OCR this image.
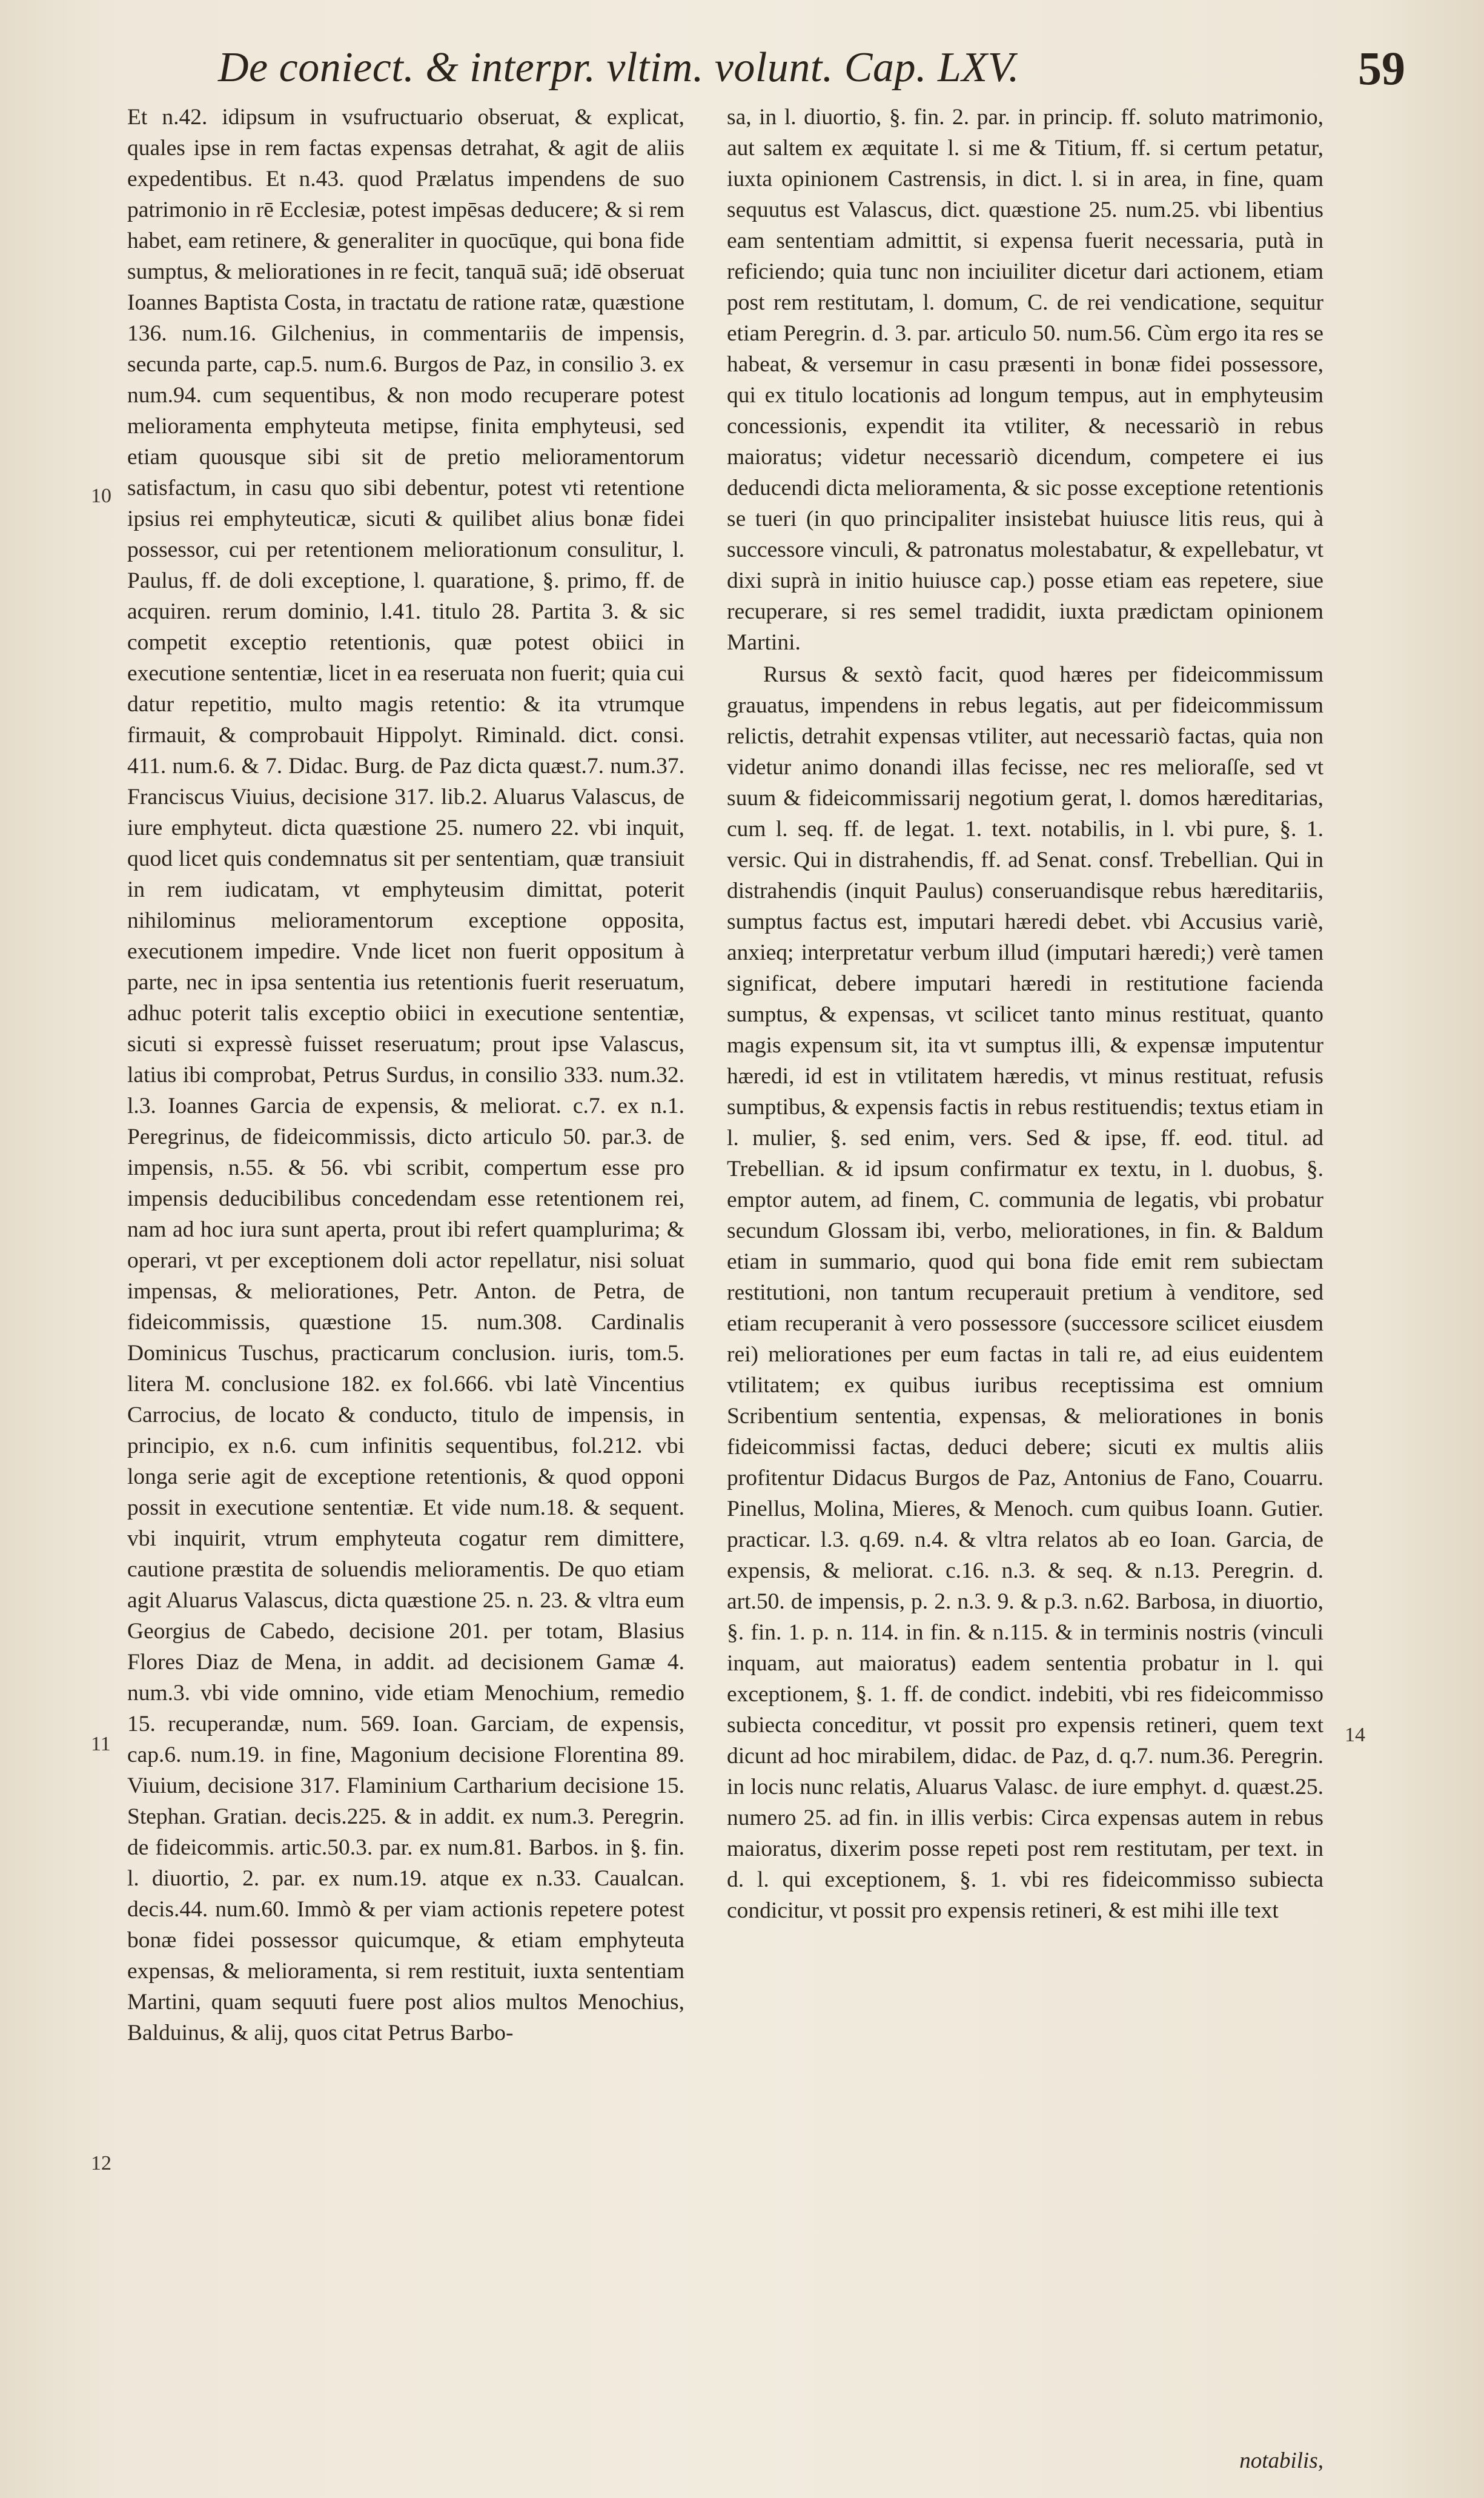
De coniect. & interpr. vltim. volunt. Cap. LXV.	59

Et n.42. idipsum in vsufructuario obseruat, & explicat, quales ipse in rem factas expensas detrahat, & agit de aliis expedentibus. Et n.43. quod Prælatus impendens de suo patrimonio in rē Ecclesiæ, potest impēsas deducere; & si rem habet, eam retinere, & generaliter in quocūque, qui bona fide sumptus, & meliorationes in re fecit, tanquā suā; idē obseruat Ioannes Baptista Costa, in tractatu de ratione ratæ, quæstione 136. num.16. Gilchenius, in commentariis de impensis, secunda parte, cap.5. num.6. Burgos de Paz, in consilio 3. ex num.94. cum sequentibus, & non modo recuperare potest melioramenta emphyteuta metipse, finita emphyteusi, sed etiam quousque sibi sit de pretio melioramentorum satisfactum, in casu quo sibi debentur, potest vti retentione ipsius rei emphyteuticæ, sicuti & quilibet alius bonæ fidei possessor, cui per retentionem meliorationum consulitur, l. Paulus, ff. de doli exceptione, l. quaratione, §. primo, ff. de acquiren. rerum dominio, l.41. titulo 28. Partita 3. & sic competit exceptio retentionis, quæ potest obiici in executione sententiæ, licet in ea reseruata non fuerit; quia cui datur repetitio, multo magis retentio: & ita vtrumque firmauit, & comprobauit Hippolyt. Riminald. dict. consi. 411. num.6. & 7. Didac. Burg. de Paz dicta quæst.7. num.37. Franciscus Viuius, decisione 317. lib.2. Aluarus Valascus, de iure emphyteut. dicta quæstione 25. numero 22. vbi inquit, quod licet quis condemnatus sit per sententiam, quæ transiuit in rem iudicatam, vt emphyteusim dimittat, poterit nihilominus melioramentorum exceptione opposita, executionem impedire. Vnde licet non fuerit oppositum à parte, nec in ipsa sententia ius retentionis fuerit reseruatum, adhuc poterit talis exceptio obiici in executione sententiæ, sicuti si expressè fuisset reseruatum; prout ipse Valascus, latius ibi comprobat, Petrus Surdus, in consilio 333. num.32. l.3. Ioannes Garcia de expensis, & meliorat. c.7. ex n.1. Peregrinus, de fideicommissis, dicto articulo 50. par.3. de impensis, n.55. & 56. vbi scribit, compertum esse pro impensis deducibilibus concedendam esse retentionem rei, nam ad hoc iura sunt aperta, prout ibi refert quamplurima; & operari, vt per exceptionem doli actor repellatur, nisi soluat impensas, & meliorationes, Petr. Anton. de Petra, de fideicommissis, quæstione 15. num.308. Cardinalis Dominicus Tuschus, practicarum conclusion. iuris, tom.5. litera M. conclusione 182. ex fol.666. vbi latè Vincentius Carrocius, de locato & conducto, titulo de impensis, in principio, ex n.6. cum infinitis sequentibus, fol.212. vbi longa serie agit de exceptione retentionis, & quod opponi possit in executione sententiæ. Et vide num.18. & sequent. vbi inquirit, vtrum emphyteuta cogatur rem dimittere, cautione præstita de soluendis melioramentis. De quo etiam agit Aluarus Valascus, dicta quæstione 25. n. 23. & vltra eum Georgius de Cabedo, decisione 201. per totam, Blasius Flores Diaz de Mena, in addit. ad decisionem Gamæ 4. num.3. vbi vide omnino, vide etiam Menochium, remedio 15. recuperandæ, num. 569. Ioan. Garciam, de expensis, cap.6. num.19. in fine, Magonium decisione Florentina 89. Viuium, decisione 317. Flaminium Cartharium decisione 15. Stephan. Gratian. decis.225. & in addit. ex num.3. Peregrin. de fideicommis. artic.50.3. par. ex num.81. Barbos. in §. fin. l. diuortio, 2. par. ex num.19. atque ex n.33. Caualcan. decis.44. num.60. Immò & per viam actionis repetere potest bonæ fidei possessor quicumque, & etiam emphyteuta expensas, & melioramenta, si rem restituit, iuxta sententiam Martini, quam sequuti fuere post alios multos Menochius, Balduinus, & alij, quos citat Petrus Barbo-

sa, in l. diuortio, §. fin. 2. par. in princip. ff. soluto matrimonio, aut saltem ex æquitate l. si me & Titium, ff. si certum petatur, iuxta opinionem Castrensis, in dict. l. si in area, in fine, quam sequutus est Valascus, dict. quæstione 25. num.25. vbi libentius eam sententiam admittit, si expensa fuerit necessaria, putà in reficiendo; quia tunc non inciuiliter dicetur dari actionem, etiam post rem restitutam, l. domum, C. de rei vendicatione, sequitur etiam Peregrin. d. 3. par. articulo 50. num.56. Cùm ergo ita res se habeat, & versemur in casu præsenti in bonæ fidei possessore, qui ex titulo locationis ad longum tempus, aut in emphyteusim concessionis, expendit ita vtiliter, & necessariò in rebus maioratus; videtur necessariò dicendum, competere ei ius deducendi dicta melioramenta, & sic posse exceptione retentionis se tueri (in quo principaliter insistebat huiusce litis reus, qui à successore vinculi, & patronatus molestabatur, & expellebatur, vt dixi suprà in initio huiusce cap.) posse etiam eas repetere, siue recuperare, si res semel tradidit, iuxta prædictam opinionem Martini.

Rursus & sextò facit, quod hæres per fideicommissum grauatus, impendens in rebus legatis, aut per fideicommissum relictis, detrahit expensas vtiliter, aut necessariò factas, quia non videtur animo donandi illas fecisse, nec res melioraſſe, sed vt suum & fideicommissarij negotium gerat, l. domos hæreditarias, cum l. seq. ff. de legat. 1. text. notabilis, in l. vbi pure, §. 1. versic. Qui in distrahendis, ff. ad Senat. consf. Trebellian. Qui in distrahendis (inquit Paulus) conseruandisque rebus hæreditariis, sumptus factus est, imputari hæredi debet. vbi Accusius variè, anxieq; interpretatur verbum illud (imputari hæredi;) verè tamen significat, debere imputari hæredi in restitutione facienda sumptus, & expensas, vt scilicet tanto minus restituat, quanto magis expensum sit, ita vt sumptus illi, & expensæ imputentur hæredi, id est in vtilitatem hæredis, vt minus restituat, refusis sumptibus, & expensis factis in rebus restituendis; textus etiam in l. mulier, §. sed enim, vers. Sed & ipse, ff. eod. titul. ad Trebellian. & id ipsum confirmatur ex textu, in l. duobus, §. emptor autem, ad finem, C. communia de legatis, vbi probatur secundum Glossam ibi, verbo, meliorationes, in fin. & Baldum etiam in summario, quod qui bona fide emit rem subiectam restitutioni, non tantum recuperauit pretium à venditore, sed etiam recuperanit à vero possessore (successore scilicet eiusdem rei) meliorationes per eum factas in tali re, ad eius euidentem vtilitatem; ex quibus iuribus receptissima est omnium Scribentium sententia, expensas, & meliorationes in bonis fideicommissi factas, deduci debere; sicuti ex multis aliis profitentur Didacus Burgos de Paz, Antonius de Fano, Couarru. Pinellus, Molina, Mieres, & Menoch. cum quibus Ioann. Gutier. practicar. l.3. q.69. n.4. & vltra relatos ab eo Ioan. Garcia, de expensis, & meliorat. c.16. n.3. & seq. & n.13. Peregrin. d. art.50. de impensis, p. 2. n.3. 9. & p.3. n.62. Barbosa, in diuortio, §. fin. 1. p. n. 114. in fin. & n.115. & in terminis nostris (vinculi inquam, aut maioratus) eadem sententia probatur in l. qui exceptionem, §. 1. ff. de condict. indebiti, vbi res fideicommisso subiecta conceditur, vt possit pro expensis retineri, quem text dicunt ad hoc mirabilem, didac. de Paz, d. q.7. num.36. Peregrin. in locis nunc relatis, Aluarus Valasc. de iure emphyt. d. quæst.25. numero 25. ad fin. in illis verbis: Circa expensas autem in rebus maioratus, dixerim posse repeti post rem restitutam, per text. in d. l. qui exceptionem, §. 1. vbi res fideicommisso subiecta condicitur, vt possit pro expensis retineri, & est mihi ille text

10
11
12
14
notabilis,
